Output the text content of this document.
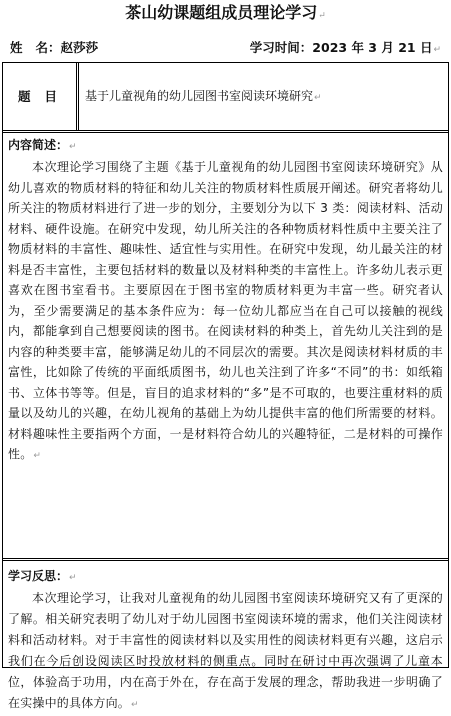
茶山幼课题组成员理论学习↵
姓   名：赵莎莎	学习时间：2023 年 3 月 21 日↵
题目	基于儿童视角的幼儿园图书室阅读环境研究↵
内容简述：↵

本次理论学习围绕了主题《基于儿童视角的幼儿园图书室阅读环境研究》从幼儿喜欢的物质材料的特征和幼儿关注的物质材料性质展开阐述。研究者将幼儿所关注的物质材料进行了进一步的划分，主要划分为以下 3 类：阅读材料、活动材料、硬件设施。在研究中发现，幼儿所关注的各种物质材料性质中主要关注了物质材料的丰富性、趣味性、适宜性与实用性。在研究中发现，幼儿最关注的材料是否丰富性，主要包括材料的数量以及材料种类的丰富性上。许多幼儿表示更喜欢在图书室看书。主要原因在于图书室的物质材料更为丰富一些。研究者认为，至少需要满足的基本条件应为：每一位幼儿都应当在自己可以接触的视线内，都能拿到自己想要阅读的图书。在阅读材料的种类上，首先幼儿关注到的是内容的种类要丰富，能够满足幼儿的不同层次的需要。其次是阅读材料材质的丰富性，比如除了传统的平面纸质图书，幼儿也关注到了许多“不同”的书：如纸箱书、立体书等等。但是，盲目的追求材料的“多”是不可取的，也要注重材料的质量以及幼儿的兴趣，在幼儿视角的基础上为幼儿提供丰富的他们所需要的材料。材料趣味性主要指两个方面，一是材料符合幼儿的兴趣特征，二是材料的可操作性。↵

学习反思：↵

本次理论学习，让我对儿童视角的幼儿园图书室阅读环境研究又有了更深的了解。相关研究表明了幼儿对于幼儿园图书室阅读环境的需求，他们关注阅读材料和活动材料。对于丰富性的阅读材料以及实用性的阅读材料更有兴趣，这启示我们在今后创设阅读区时投放材料的侧重点。同时在研讨中再次强调了儿童本位，体验高于功用，内在高于外在，存在高于发展的理念，帮助我进一步明确了在实操中的具体方向。↵
